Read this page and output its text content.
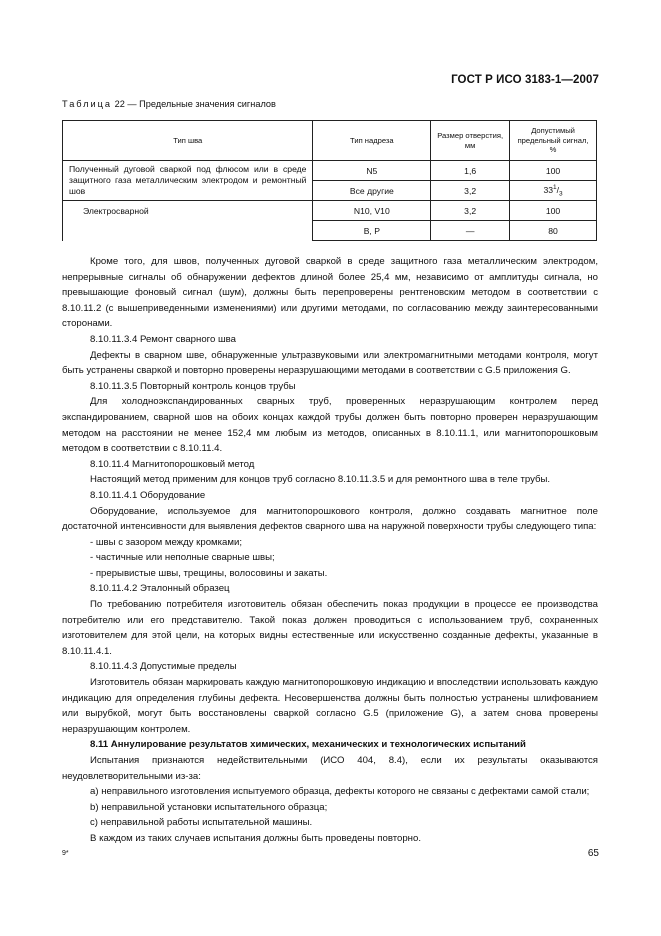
ГОСТ Р ИСО 3183-1—2007
Таблица 22 — Предельные значения сигналов
Тип шва	Тип надреза	Размер отверстия, мм	Допустимый предельный сигнал, %
Полученный дуговой сваркой под флюсом или в среде защитного газа металлическим электродом и ремонтный шов	N5	1,6	100
	Все другие	3,2	$33^1/_3$
Электросварной	N10, V10	3,2	100
	B, P	—	80

Кроме того, для швов, полученных дуговой сваркой в среде защитного газа металлическим электродом, непрерывные сигналы об обнаружении дефектов длиной более 25,4 мм, независимо от амплитуды сигнала, но превышающие фоновый сигнал (шум), должны быть перепроверены рентгеновским методом в соответствии с 8.10.11.2 (с вышеприведенными изменениями) или другими методами, по согласованию между заинтересованными сторонами.

8.10.11.3.4 Ремонт сварного шва

Дефекты в сварном шве, обнаруженные ультразвуковыми или электромагнитными методами контроля, могут быть устранены сваркой и повторно проверены неразрушающими методами в соответствии с G.5 приложения G.

8.10.11.3.5 Повторный контроль концов трубы

Для холодноэкспандированных сварных труб, проверенных неразрушающим контролем перед экспандированием, сварной шов на обоих концах каждой трубы должен быть повторно проверен неразрушающим методом на расстоянии не менее 152,4 мм любым из методов, описанных в 8.10.11.1, или магнитопорошковым методом в соответствии с 8.10.11.4.

8.10.11.4 Магнитопорошковый метод

Настоящий метод применим для концов труб согласно 8.10.11.3.5 и для ремонтного шва в теле трубы.

8.10.11.4.1 Оборудование

Оборудование, используемое для магнитопорошкового контроля, должно создавать магнитное поле достаточной интенсивности для выявления дефектов сварного шва на наружной поверхности трубы следующего типа:

- швы с зазором между кромками;

- частичные или неполные сварные швы;

- прерывистые швы, трещины, волосовины и закаты.

8.10.11.4.2 Эталонный образец

По требованию потребителя изготовитель обязан обеспечить показ продукции в процессе ее производства потребителю или его представителю. Такой показ должен проводиться с использованием труб, сохраненных изготовителем для этой цели, на которых видны естественные или искусственно созданные дефекты, указанные в 8.10.11.4.1.

8.10.11.4.3 Допустимые пределы

Изготовитель обязан маркировать каждую магнитопорошковую индикацию и впоследствии использовать каждую индикацию для определения глубины дефекта. Несовершенства должны быть полностью устранены шлифованием или вырубкой, могут быть восстановлены сваркой согласно G.5 (приложение G), а затем снова проверены неразрушающим контролем.

8.11 Аннулирование результатов химических, механических и технологических испытаний

Испытания признаются недействительными (ИСО 404, 8.4), если их результаты оказываются неудовлетворительными из-за:

а) неправильного изготовления испытуемого образца, дефекты которого не связаны с дефектами самой стали;

b) неправильной установки испытательного образца;

c) неправильной работы испытательной машины.

В каждом из таких случаев испытания должны быть проведены повторно.

9*	65
